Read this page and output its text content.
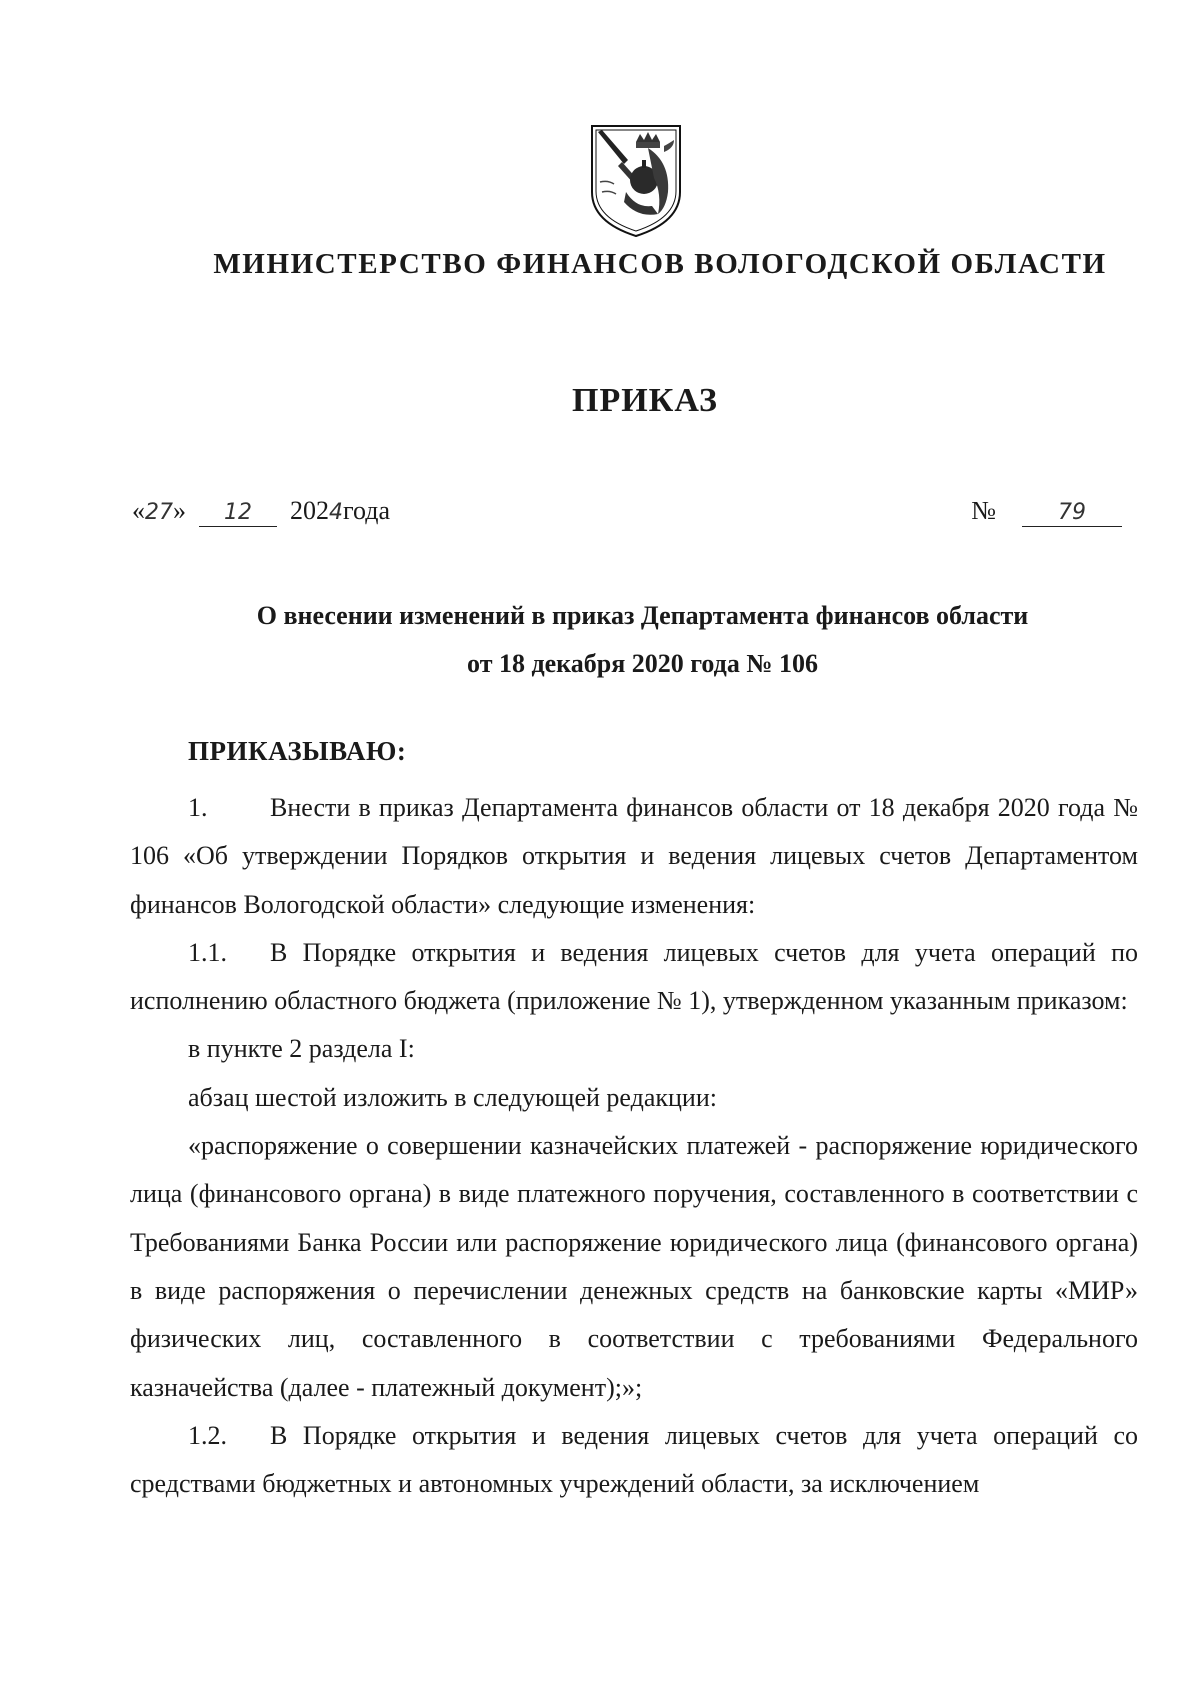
МИНИСТЕРСТВО ФИНАНСОВ ВОЛОГОДСКОЙ ОБЛАСТИ
ПРИКАЗ
«27» 12 2024года	№	79
О внесении изменений в приказ Департамента финансов области
от 18 декабря 2020 года № 106
ПРИКАЗЫВАЮ:

1. Внести в приказ Департамента финансов области от 18 декабря 2020 года № 106 «Об утверждении Порядков открытия и ведения лицевых счетов Департаментом финансов Вологодской области» следующие изменения:

1.1. В Порядке открытия и ведения лицевых счетов для учета операций по исполнению областного бюджета (приложение № 1), утвержденном указанным приказом:

в пункте 2 раздела I:

абзац шестой изложить в следующей редакции:

«распоряжение о совершении казначейских платежей - распоряжение юридического лица (финансового органа) в виде платежного поручения, составленного в соответствии с Требованиями Банка России или распоряжение юридического лица (финансового органа) в виде распоряжения о перечислении денежных средств на банковские карты «МИР» физических лиц, составленного в соответствии с требованиями Федерального казначейства (далее - платежный документ);»;

1.2. В Порядке открытия и ведения лицевых счетов для учета операций со средствами бюджетных и автономных учреждений области, за исключением
